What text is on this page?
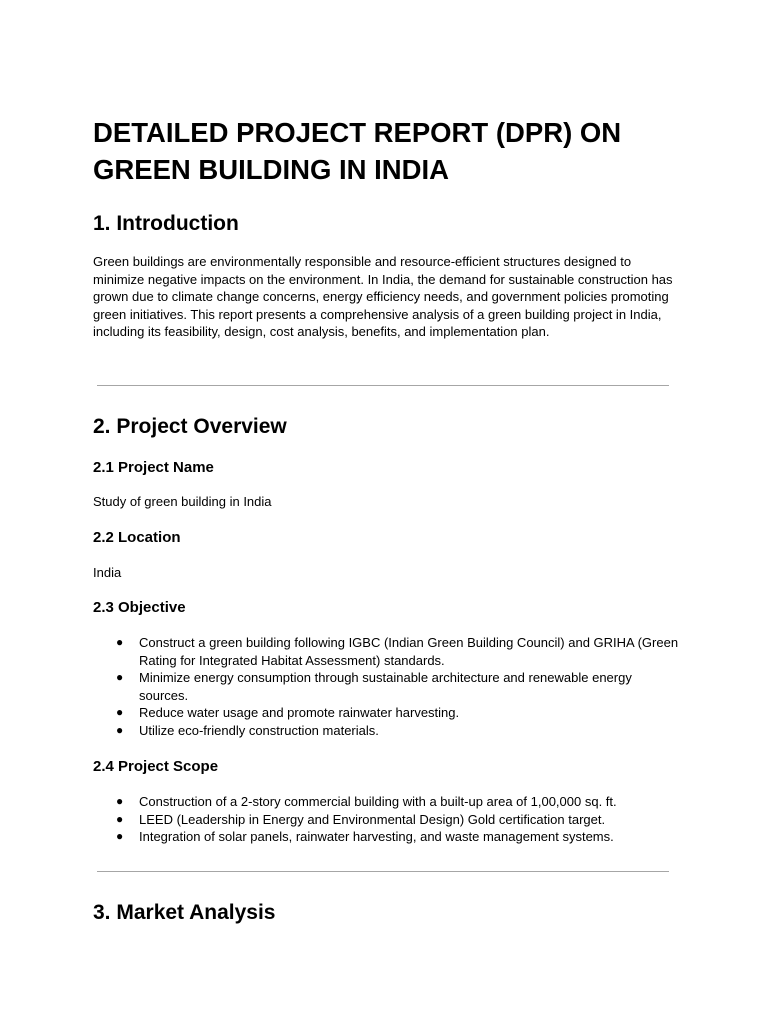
DETAILED PROJECT REPORT (DPR) ON GREEN BUILDING IN INDIA
1. Introduction

Green buildings are environmentally responsible and resource-efficient structures designed to minimize negative impacts on the environment. In India, the demand for sustainable construction has grown due to climate change concerns, energy efficiency needs, and government policies promoting green initiatives. This report presents a comprehensive analysis of a green building project in India, including its feasibility, design, cost analysis, benefits, and implementation plan.

2. Project Overview
2.1 Project Name

Study of green building in India

2.2 Location

India

2.3 Objective
● Construct a green building following IGBC (Indian Green Building Council) and GRIHA (Green Rating for Integrated Habitat Assessment) standards.
● Minimize energy consumption through sustainable architecture and renewable energy sources.
● Reduce water usage and promote rainwater harvesting.
● Utilize eco-friendly construction materials.
2.4 Project Scope
● Construction of a 2-story commercial building with a built-up area of 1,00,000 sq. ft.
● LEED (Leadership in Energy and Environmental Design) Gold certification target.
● Integration of solar panels, rainwater harvesting, and waste management systems.
3. Market Analysis
